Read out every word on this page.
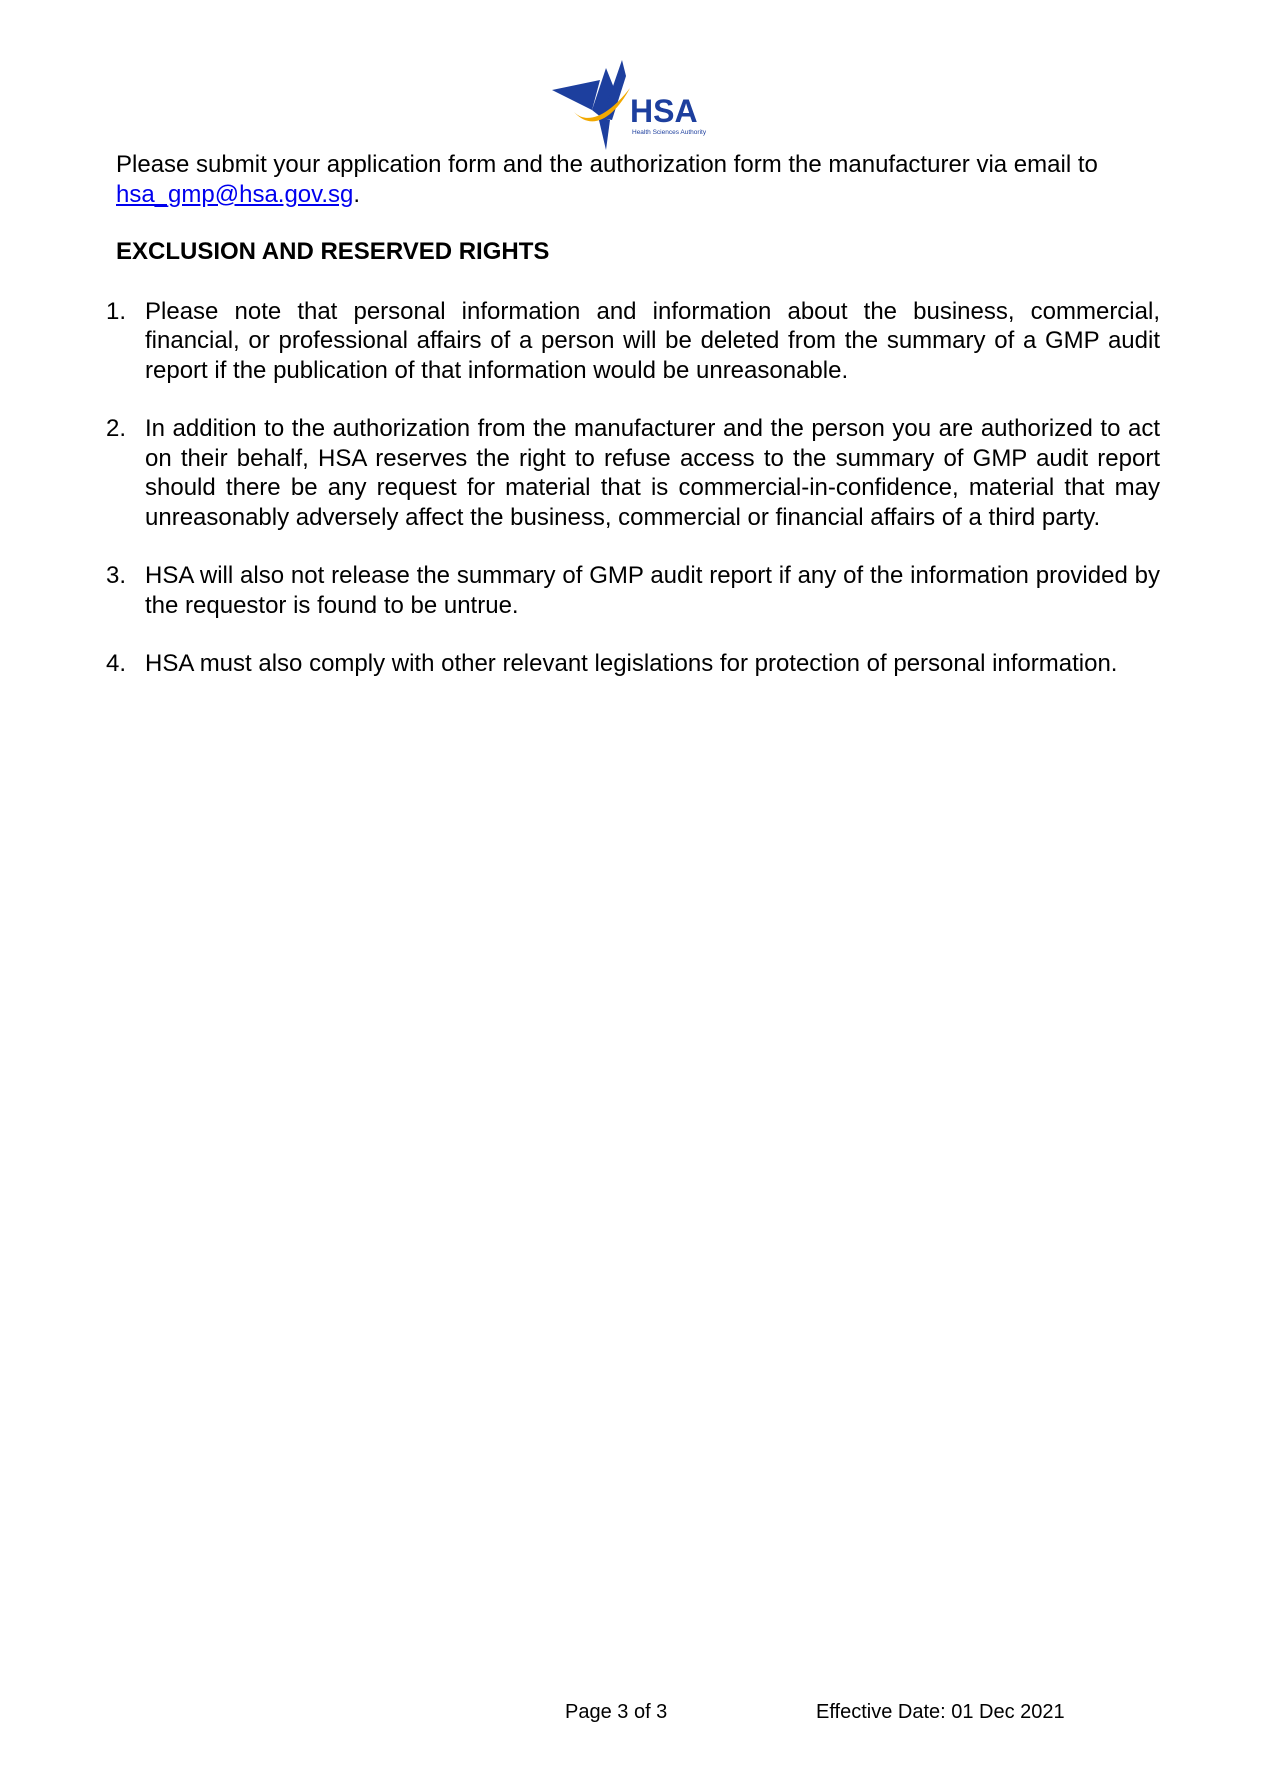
HSA
Health Sciences Authority

Please submit your application form and the authorization form the manufacturer via email to hsa_gmp@hsa.gov.sg.

EXCLUSION AND RESERVED RIGHTS

1. Please note that personal information and information about the business, commercial, financial, or professional affairs of a person will be deleted from the summary of a GMP audit report if the publication of that information would be unreasonable.
2. In addition to the authorization from the manufacturer and the person you are authorized to act on their behalf, HSA reserves the right to refuse access to the summary of GMP audit report should there be any request for material that is commercial-in-confidence, material that may unreasonably adversely affect the business, commercial or financial affairs of a third party.
3. HSA will also not release the summary of GMP audit report if any of the information provided by the requestor is found to be untrue.
4. HSA must also comply with other relevant legislations for protection of personal information.
Page 3 of 3	Effective Date: 01 Dec 2021
